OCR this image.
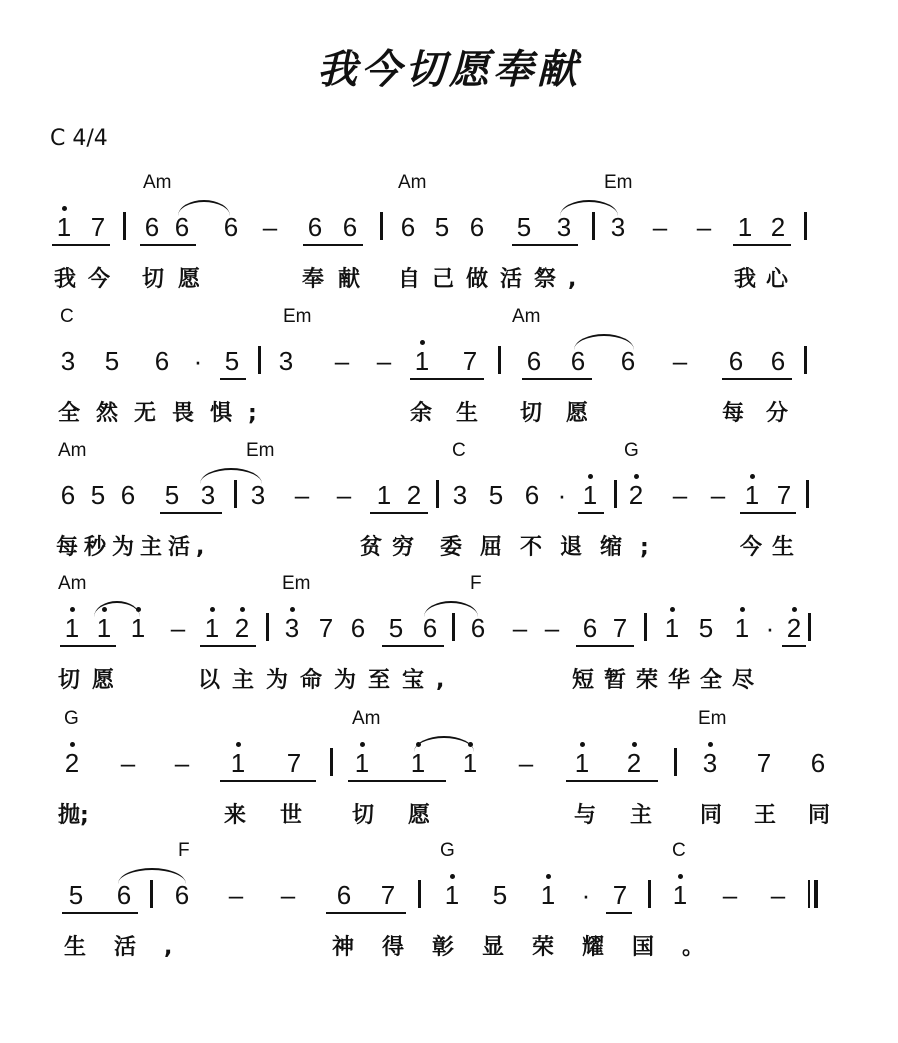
我今切愿奉献
C 4/4
Am	Am	Em
1 7 6 6 6 – 6 6 6 5 6 5 3 3 – – 1 2
我今 切愿	奉献 自己做活祭,	我心
C	Em	Am
3 5 6 · 5 3 – – 1 7 6 6 6 – 6 6
全然无畏惧;	余生 切愿	每分
Am	Em	C	G
6 5 6 5 3 3 – – 1 2 3 5 6 · 1 2 – – 1 7
每秒为主活,	贫穷 委屈不退缩;	今生
Am	Em	F
1 1 1 – 1 2 3 7 6 5 6 6 – – 6 7 1 5 1 · 2
切愿	以主为命为至宝,	短暂荣华全尽
G	Am	Em
2 – – 1 7 1 1 1 – 1 2 3 7 6
抛;	来世 切愿	与主 同王同
F	G	C
5 6 6 – – 6 7 1 5 1 · 7 1 – –
生活,	神得彰显荣耀国。
